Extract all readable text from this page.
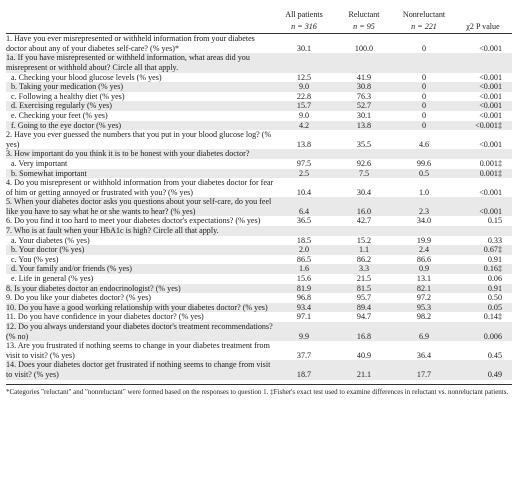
	All patients	Reluctant	Nonreluctant	χ2 P value
	n = 316	n = 95	n = 221	
1. Have you ever misrepresented or withheld information from your diabetes doctor about any of your diabetes self-care? (% yes)*	30.1	100.0	0	<0.001
1a. If you have misrepresented or withheld information, what areas did you misrepresent or withhold about? Circle all that apply.				
a. Checking your blood glucose levels (% yes)	12.5	41.9	0	<0.001
b. Taking your medication (% yes)	9.0	30.8	0	<0.001
c. Following a healthy diet (% yes)	22.8	76.3	0	<0.001
d. Exercising regularly (% yes)	15.7	52.7	0	<0.001
e. Checking your feet (% yes)	9.0	30.1	0	<0.001
f. Going to the eye doctor (% yes)	4.2	13.8	0	<0.001‡
2. Have you ever guessed the numbers that you put in your blood glucose log? (% yes)	13.8	35.5	4.6	<0.001
3. How important do you think it is to be honest with your diabetes doctor?				
a. Very important	97.5	92.6	99.6	0.001‡
b. Somewhat important	2.5	7.5	0.5	0.001‡
4. Do you misrepresent or withhold information from your diabetes doctor for fear of him or getting annoyed or frustrated with you? (% yes)	10.4	30.4	1.0	<0.001
5. When your diabetes doctor asks you questions about your self-care, do you feel like you have to say what he or she wants to hear? (% yes)	6.4	16.0	2.3	<0.001
6. Do you find it too hard to meet your diabetes doctor's expectations? (% yes)	36.5	42.7	34.0	0.15
7. Who is at fault when your HbA1c is high? Circle all that apply.				
a. Your diabetes (% yes)	18.5	15.2	19.9	0.33
b. Your doctor (% yes)	2.0	1.1	2.4	0.67‡
c. You (% yes)	86.5	86.2	86.6	0.91
d. Your family and/or friends (% yes)	1.6	3.3	0.9	0.16‡
e. Life in general (% yes)	15.6	21.5	13.1	0.06
8. Is your diabetes doctor an endocrinologist? (% yes)	81.9	81.5	82.1	0.91
9. Do you like your diabetes doctor? (% yes)	96.8	95.7	97.2	0.50
10. Do you have a good working relationship with your diabetes doctor? (% yes)	93.4	89.4	95.3	0.05
11. Do you have confidence in your diabetes doctor? (% yes)	97.1	94.7	98.2	0.14‡
12. Do you always understand your diabetes doctor's treatment recommendations? (% no)	9.9	16.8	6.9	0.006
13. Are you frustrated if nothing seems to change in your diabetes treatment from visit to visit? (% yes)	37.7	40.9	36.4	0.45
14. Does your diabetes doctor get frustrated if nothing seems to change from visit to visit? (% yes)	18.7	21.1	17.7	0.49
*Categories "reluctant" and "nonreluctant" were formed based on the responses to question 1. ‡Fisher's exact test used to examine differences in reluctant vs. nonreluctant patients.
